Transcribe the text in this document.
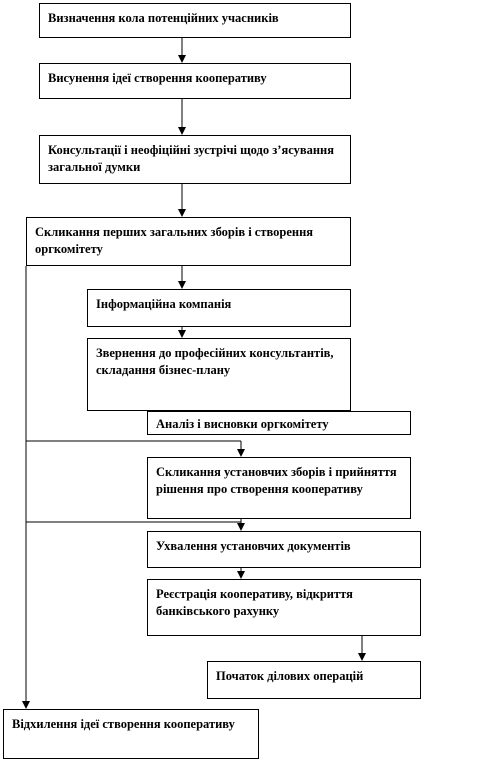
Визначення кола потенційних учасників
Висунення ідеї створення кооперативу
Консультації і неофіційні зустрічі щодо з’ясування загальної думки
Скликання перших загальних зборів і створення оргкомітету
Інформаційна компанія
Звернення до професійних консультантів, складання бізнес-плану
Аналіз і висновки оргкомітету
Скликання установчих зборів і прийняття рішення про створення кооперативу
Ухвалення установчих документів
Реєстрація кооперативу, відкриття банківського рахунку
Початок ділових операцій
Відхилення ідеї створення кооперативу
